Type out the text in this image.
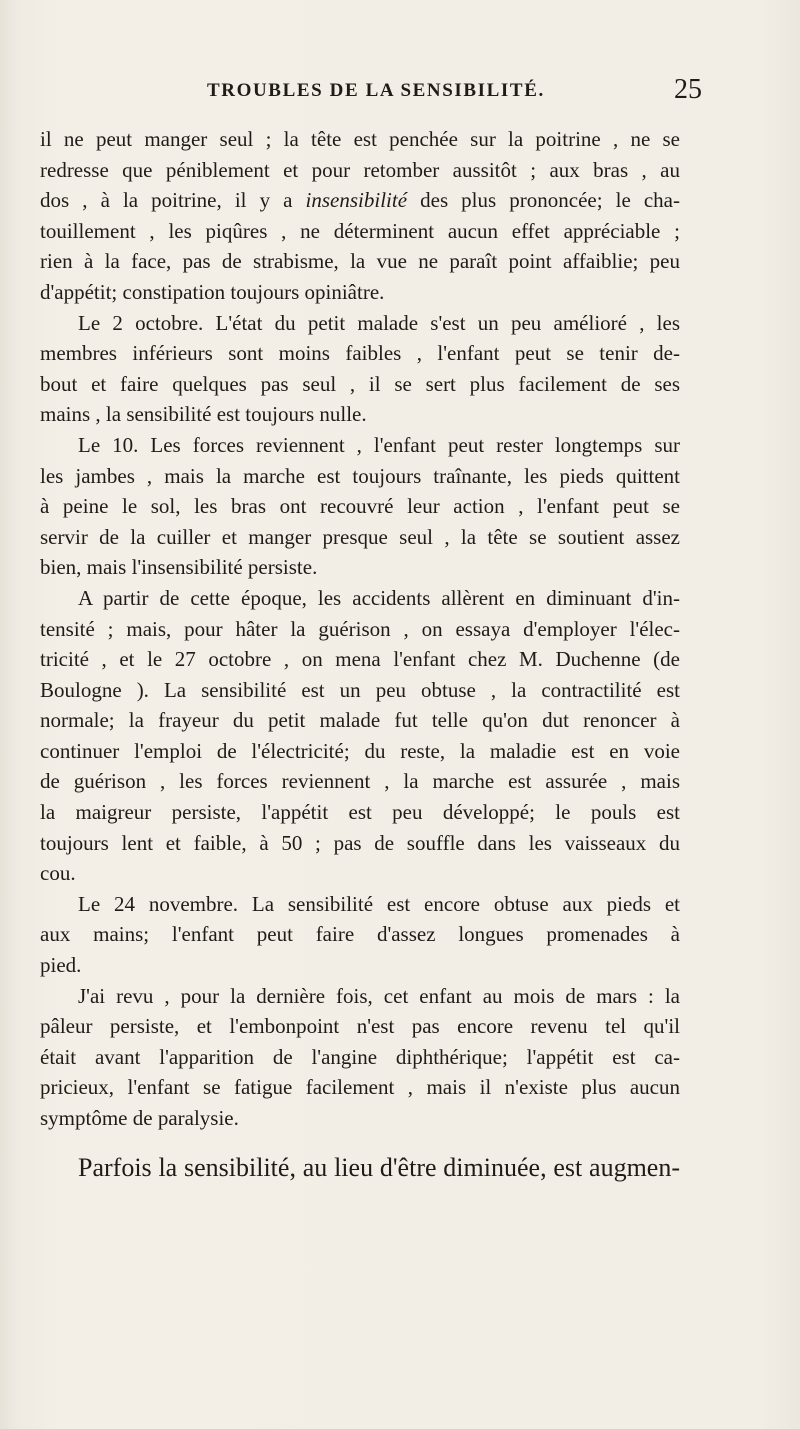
TROUBLES DE LA SENSIBILITÉ.	25
il ne peut manger seul ; la tête est penchée sur la poitrine , ne se
redresse que péniblement et pour retomber aussitôt ; aux bras , au
dos , à la poitrine, il y a insensibilité des plus prononcée; le cha-
touillement , les piqûres , ne déterminent aucun effet appréciable ;
rien à la face, pas de strabisme, la vue ne paraît point affaiblie; peu
d'appétit; constipation toujours opiniâtre.
Le 2 octobre. L'état du petit malade s'est un peu amélioré , les
membres inférieurs sont moins faibles , l'enfant peut se tenir de-
bout et faire quelques pas seul , il se sert plus facilement de ses
mains , la sensibilité est toujours nulle.
Le 10. Les forces reviennent , l'enfant peut rester longtemps sur
les jambes , mais la marche est toujours traînante, les pieds quittent
à peine le sol, les bras ont recouvré leur action , l'enfant peut se
servir de la cuiller et manger presque seul , la tête se soutient assez
bien, mais l'insensibilité persiste.
A partir de cette époque, les accidents allèrent en diminuant d'in-
tensité ; mais, pour hâter la guérison , on essaya d'employer l'élec-
tricité , et le 27 octobre , on mena l'enfant chez M. Duchenne (de
Boulogne ). La sensibilité est un peu obtuse , la contractilité est
normale; la frayeur du petit malade fut telle qu'on dut renoncer à
continuer l'emploi de l'électricité; du reste, la maladie est en voie
de guérison , les forces reviennent , la marche est assurée , mais
la maigreur persiste, l'appétit est peu développé; le pouls est
toujours lent et faible, à 50 ; pas de souffle dans les vaisseaux du
cou.
Le 24 novembre. La sensibilité est encore obtuse aux pieds et
aux mains; l'enfant peut faire d'assez longues promenades à
pied.
J'ai revu , pour la dernière fois, cet enfant au mois de mars : la
pâleur persiste, et l'embonpoint n'est pas encore revenu tel qu'il
était avant l'apparition de l'angine diphthérique; l'appétit est ca-
pricieux, l'enfant se fatigue facilement , mais il n'existe plus aucun
symptôme de paralysie.
Parfois la sensibilité, au lieu d'être diminuée, est augmen-
